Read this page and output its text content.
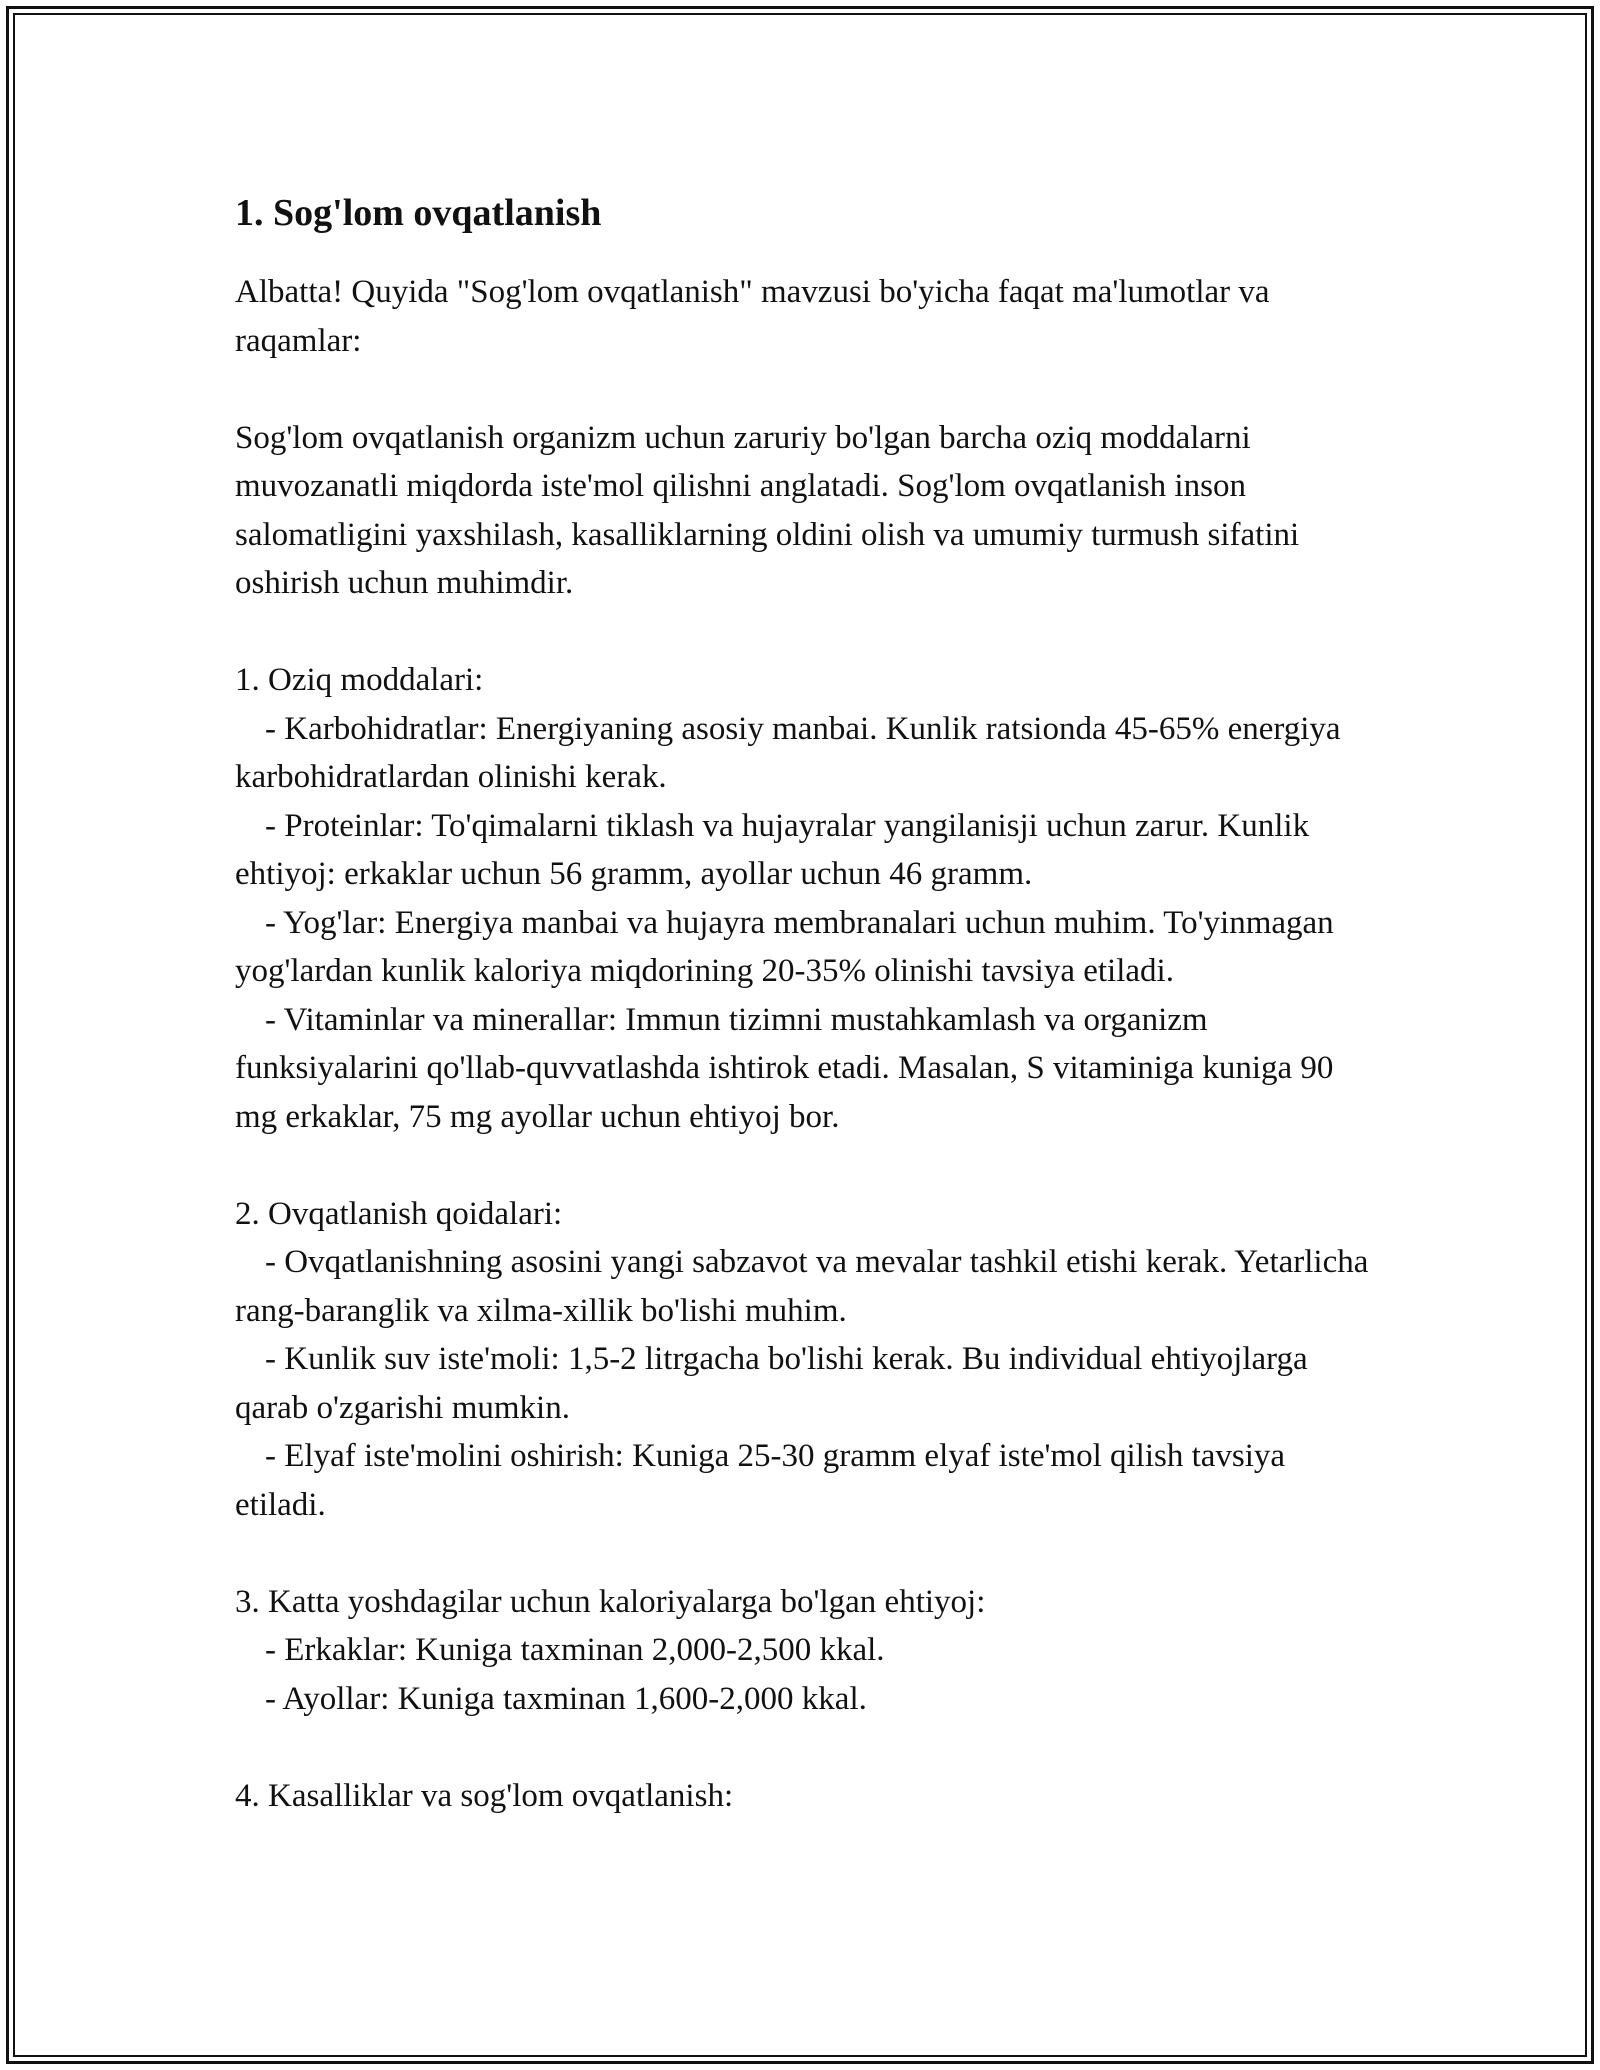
1. Sog'lom ovqatlanish

Albatta! Quyida "Sog'lom ovqatlanish" mavzusi bo'yicha faqat ma'lumotlar va raqamlar:

Sog'lom ovqatlanish organizm uchun zaruriy bo'lgan barcha oziq moddalarni muvozanatli miqdorda iste'mol qilishni anglatadi. Sog'lom ovqatlanish inson salomatligini yaxshilash, kasalliklarning oldini olish va umumiy turmush sifatini oshirish uchun muhimdir.

1. Oziq moddalari:

- Karbohidratlar: Energiyaning asosiy manbai. Kunlik ratsionda 45-65% energiya karbohidratlardan olinishi kerak.

- Proteinlar: To'qimalarni tiklash va hujayralar yangilanisji uchun zarur. Kunlik ehtiyoj: erkaklar uchun 56 gramm, ayollar uchun 46 gramm.

- Yog'lar: Energiya manbai va hujayra membranalari uchun muhim. To'yinmagan yog'lardan kunlik kaloriya miqdorining 20-35% olinishi tavsiya etiladi.

- Vitaminlar va minerallar: Immun tizimni mustahkamlash va organizm funksiyalarini qo'llab-quvvatlashda ishtirok etadi. Masalan, S vitaminiga kuniga 90 mg erkaklar, 75 mg ayollar uchun ehtiyoj bor.

2. Ovqatlanish qoidalari:

- Ovqatlanishning asosini yangi sabzavot va mevalar tashkil etishi kerak. Yetarlicha rang-baranglik va xilma-xillik bo'lishi muhim.

- Kunlik suv iste'moli: 1,5-2 litrgacha bo'lishi kerak. Bu individual ehtiyojlarga qarab o'zgarishi mumkin.

- Elyaf iste'molini oshirish: Kuniga 25-30 gramm elyaf iste'mol qilish tavsiya etiladi.

3. Katta yoshdagilar uchun kaloriyalarga bo'lgan ehtiyoj:

- Erkaklar: Kuniga taxminan 2,000-2,500 kkal.

- Ayollar: Kuniga taxminan 1,600-2,000 kkal.

4. Kasalliklar va sog'lom ovqatlanish:
